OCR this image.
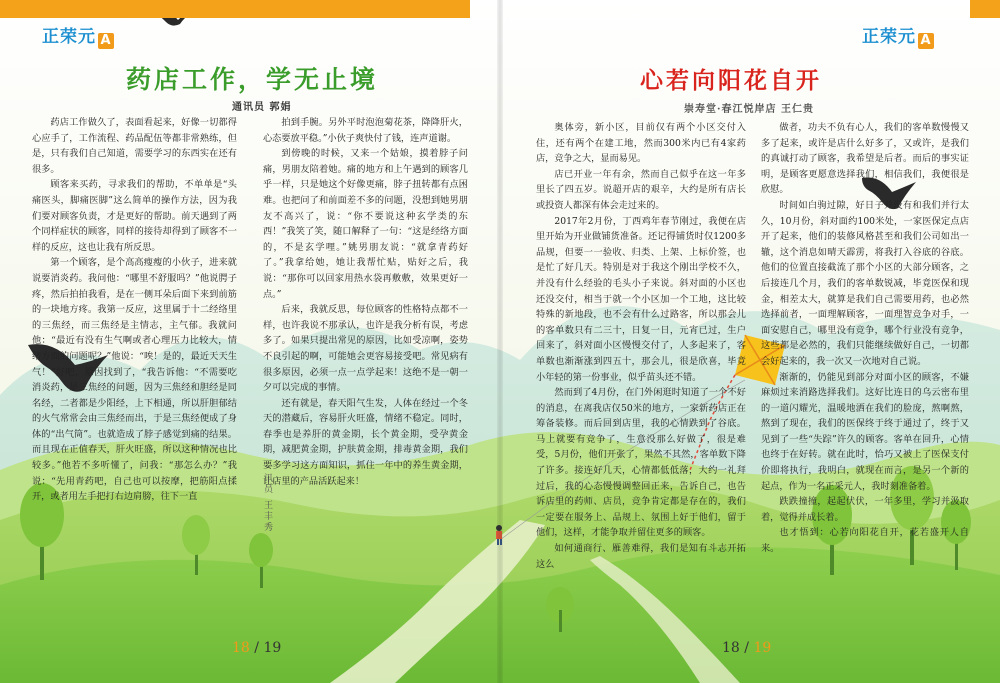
正荣元 A
药店工作，学无止境
通讯员 郭娟

药店工作做久了，表面看起来，好像一切都得心应手了，工作流程、药品配伍等都非常熟练，但是，只有我们自己知道，需要学习的东西实在还有很多。

顾客来买药，寻求我们的帮助，不单单是“头痛医头，脚痛医脚”这么简单的操作方法，因为我们要对顾客负责，才是更好的帮助。前天遇到了两个同样症状的顾客，同样的接待却得到了顾客不一样的反应，这也让我有所反思。

第一个顾客，是个高高瘦瘦的小伙子，进来就说要消炎药。我问他：“哪里不舒服吗？”他说腭子疼，然后拍拍我看，是在一侧耳朵后面下来到前筋的一块地方疼。我第一反应，这里属于十二经络里的三焦经，而三焦经是主情志，主气郁。我就问他：“最近有没有生气啊或者心理压力比较大，情绪方面的问题呢？”他说：“唉！是的，最近天天生气！”好吧，原因找到了，“我告诉他：“不需要吃消炎药，是三焦经的问题，因为三焦经和胆经是同名经，二者都是少阳经，上下相通，所以肝胆郁结的火气常常会由三焦经而出，于是三焦经便成了身体的“出气筒”。也就造成了脖子感觉到痛的结果。而且现在正值春天，肝火旺盛，所以这种情况也比较多。”他若不多听懂了，问我：“那怎么办？”我说：“先用青药吧，自己也可以按摩，把筋阳点揉开，或者用左手把打右边肩膀，往下一直

拍到手腕。另外平时泡泡菊花茶，降降肝火，心态要放平稳。”小伙子爽快付了钱，连声道谢。

到傍晚的时候，又来一个姑娘，摸着脖子问痛，男朋友陪着她。痛的地方和上午遇到的顾客几乎一样，只是她这个好像更痛，脖子扭转都有点困难。也把问了和前面差不多的问题，没想到她男朋友不高兴了，说：“你不要说这种玄学类的东西！”我笑了笑，随口解释了一句：“这是经络方面的，不是玄学哩。”姚男朋友说：“就拿青药好了。”我拿给她，她让我帮忙贴，贴好之后，我说：“那你可以回家用热水袋再敷敷，效果更好一点。”

后来，我就反思，每位顾客的性格特点都不一样，也许我说不那承认，也许是我分析有误，考虑多了。如果只提出常见的原因，比如受凉啊，姿势不良引起的啊，可能她会更容易接受吧。常见病有很多原因，必须一点一点学起来！这绝不是一朝一夕可以完成的事情。

还有就是，春天阳气生发，人体在经过一个冬天的潜藏后，容易肝火旺盛，情绪不稳定。同时，春季也是养肝的黄金期，长个黄金期，受孕黄金期，减肥黄金期，护肤黄金期，排毒黄金期，我们要多学习这方面知识，抓住一年中的养生黄金期，让店里的产品活跃起来！

一讯员 王丰秀
18 / 19
正荣元 A
心若向阳花自开
崇寿堂·春江悦岸店 王仁贵

奥体旁，新小区，目前仅有两个小区交付入住，还有两个在建工地，然而300米内已有4家药店，竞争之大，显而易见。

店已开业一年有余，然而自己似乎在这一年多里长了四五岁。说超开店的艰辛，大约是所有店长或投资人都深有体会走过来的。

2017年2月份，丁西鸡年春节刚过，我便在店里开始为开业做铺货准备。还记得铺货时仅1200多品规，但要一一验收、归类、上架、上标价签，也是忙了好几天。特别是对于我这个刚出学校不久，并没有什么经验的毛头小子来说。斜对面的小区也还没交付，相当于就一个小区加一个工地，这比较特殊的新地段，也不会有什么过路客，所以那会儿的客单数只有二三十，日复一日，元宵已过，生户回来了，斜对面小区慢慢交付了，人多起来了，客单数也渐渐涨到四五十，那会儿，很是欣喜，毕竟小年轻的第一份事业，似乎苗头还不错。

然而到了4月份，在门外闲逛时知道了一个不好的消息，在离我店仅50米的地方，一家新药店正在筹备装修。而后回到店里，我的心情跌到了谷底。马上就要有竞争了，生意没那么好做了，很是难受，5月份，他们开张了，果然不其然，客单数下降了许多。接连好几天，心情都低低落，大约一礼拜过后，我的心态慢慢调整回正来，告诉自己，也告诉店里的药师、店员，竞争肯定都是存在的，我们一定要在服务上、品规上、氛围上好于他们，留于他们，这样，才能争取并留住更多的顾客。

如何通商行、雁善难得，我们是知有斗志开拓这么

做者，功夫不负有心人，我们的客单数慢慢又多了起来，或许是店什么好多了，又或许，是我们的真诚打动了顾客，我希望是后者。而后的事实证明，是顾客更愿意选择我们，相信我们，我便很是欣慰。

时间如白驹过隙，好日子并没有和我们并行太久，10月份，斜对面约100米处，一家医保定点店开了起来，他们的装修风格甚至和我们公司如出一辙，这个消息如晴天霹雳，将我打入谷底的谷底。他们的位置直接截流了那个小区的大部分顾客，之后接连几个月，我们的客单数锐减，毕竟医保和现金，相差太大，就算是我们自己需要用药，也必然选择前者，一面理解顾客，一面理智竞争对手，一面安慰自己，哪里没有竞争，哪个行业没有竞争，这些都是必然的，我们只能继续做好自己，一切都会好起来的，我一次又一次地对自己说。

渐渐的，仍能见到部分对面小区的顾客，不嫌麻烦过来消路选择我们。这好比连日的乌云密布里的一道闪耀光，温暖地洒在我们的脸庞，熬啊熬，熬到了现在，我们的医保终于终于通过了，终于又见到了一些“失踪”许久的顾客。客单在回升，心情也终于在好转。就在此时，恰巧又被上了医保支付价即将执行，我明白，就现在而言，是另一个新的起点，作为一名正采元人，我时刻准备着。

跌跌撞撞，起起伏伏，一年多里，学习并汲取着，觉得并成长着。

也才悟到：心若向阳花自开，花若盛开人自来。

18 / 19
